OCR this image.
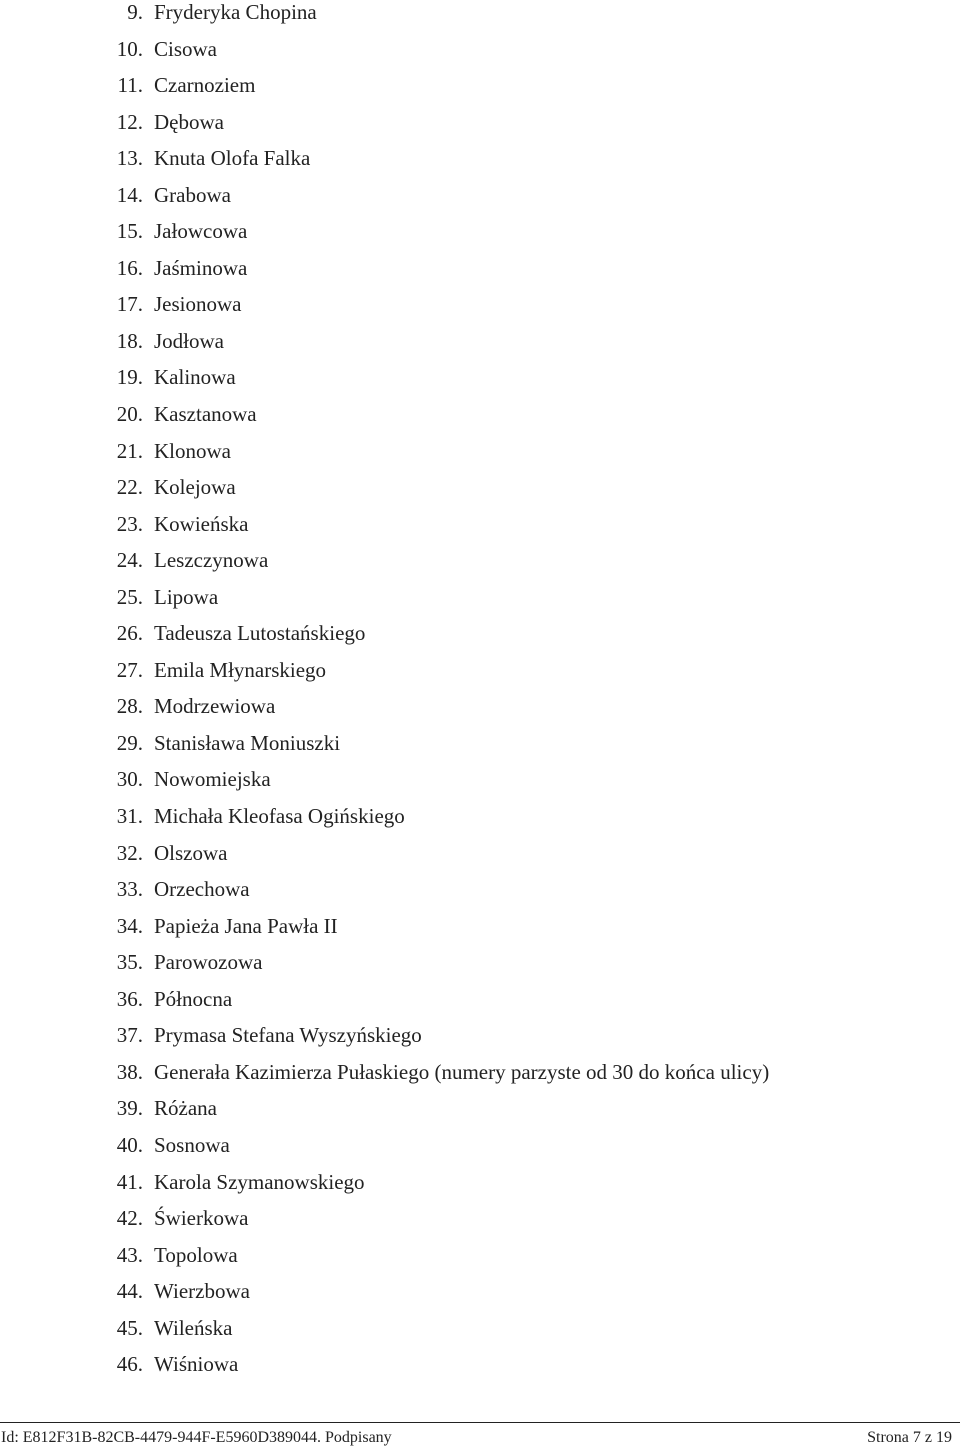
9. Fryderyka Chopina
10. Cisowa
11. Czarnoziem
12. Dębowa
13. Knuta Olofa Falka
14. Grabowa
15. Jałowcowa
16. Jaśminowa
17. Jesionowa
18. Jodłowa
19. Kalinowa
20. Kasztanowa
21. Klonowa
22. Kolejowa
23. Kowieńska
24. Leszczynowa
25. Lipowa
26. Tadeusza Lutostańskiego
27. Emila Młynarskiego
28. Modrzewiowa
29. Stanisława Moniuszki
30. Nowomiejska
31. Michała Kleofasa Ogińskiego
32. Olszowa
33. Orzechowa
34. Papieża Jana Pawła II
35. Parowozowa
36. Północna
37. Prymasa Stefana Wyszyńskiego
38. Generała Kazimierza Pułaskiego (numery parzyste od 30 do końca ulicy)
39. Różana
40. Sosnowa
41. Karola Szymanowskiego
42. Świerkowa
43. Topolowa
44. Wierzbowa
45. Wileńska
46. Wiśniowa
Id: E812F31B-82CB-4479-944F-E5960D389044. Podpisany	Strona 7 z 19
